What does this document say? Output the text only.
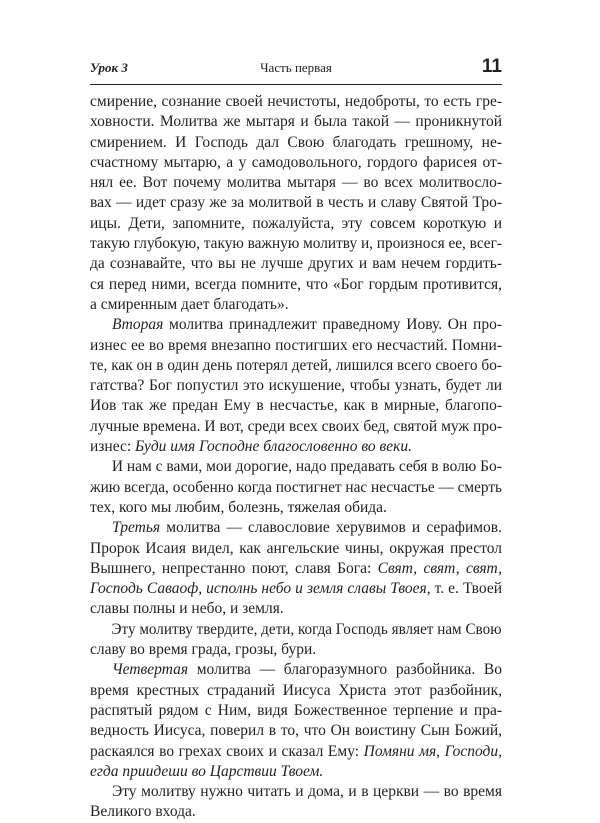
Урок 3	Часть первая	11
смирение, сознание своей нечистоты, недоброты, то есть гре-
ховности. Молитва же мытаря и была такой — проникнутой
смирением. И Господь дал Свою благодать грешному, не-
счастному мытарю, а у самодовольного, гордого фарисея от-
нял ее. Вот почему молитва мытаря — во всех молитвосло-
вах — идет сразу же за молитвой в честь и славу Святой Тро-
ицы. Дети, запомните, пожалуйста, эту совсем короткую и
такую глубокую, такую важную молитву и, произнося ее, всег-
да сознавайте, что вы не лучше других и вам нечем гордить-
ся перед ними, всегда помните, что «Бог гордым противится,
а смиренным дает благодать».
Вторая молитва принадлежит праведному Иову. Он про-
изнес ее во время внезапно постигших его несчастий. Помни-
те, как он в один день потерял детей, лишился всего своего бо-
гатства? Бог попустил это искушение, чтобы узнать, будет ли
Иов так же предан Ему в несчастье, как в мирные, благопо-
лучные времена. И вот, среди всех своих бед, святой муж про-
изнес: Буди имя Господне благословенно во веки.
И нам с вами, мои дорогие, надо предавать себя в волю Бо-
жию всегда, особенно когда постигнет нас несчастье — смерть
тех, кого мы любим, болезнь, тяжелая обида.
Третья молитва — славословие херувимов и серафимов.
Пророк Исаия видел, как ангельские чины, окружая престол
Вышнего, непрестанно поют, славя Бога: Свят, свят, свят,
Господь Саваоф, исполнь небо и земля славы Твоея, т. е. Твоей
славы полны и небо, и земля.
Эту молитву твердите, дети, когда Господь являет нам Свою
славу во время града, грозы, бури.
Четвертая молитва — благоразумного разбойника. Во
время крестных страданий Иисуса Христа этот разбойник,
распятый рядом с Ним, видя Божественное терпение и пра-
ведность Иисуса, поверил в то, что Он воистину Сын Божий,
раскаялся во грехах своих и сказал Ему: Помяни мя, Господи,
егда приидеши во Царствии Твоем.
Эту молитву нужно читать и дома, и в церкви — во время
Великого входа.
